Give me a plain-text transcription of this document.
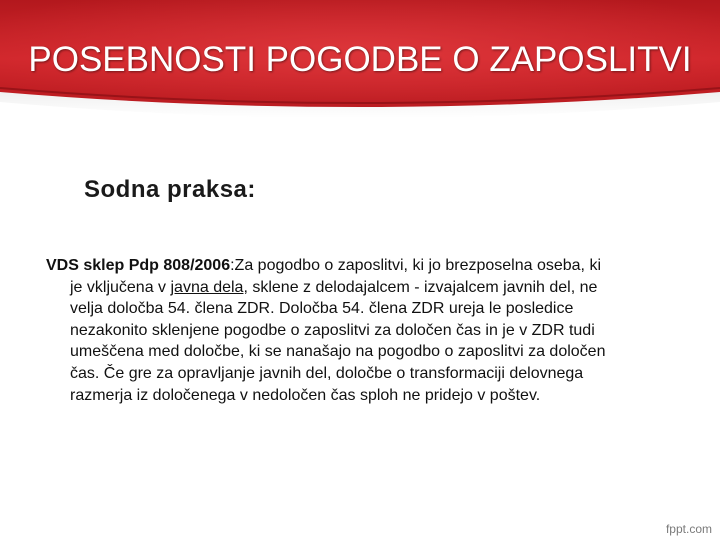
POSEBNOSTI POGODBE O ZAPOSLITVI
Sodna praksa:
VDS sklep Pdp 808/2006:Za pogodbo o zaposlitvi, ki jo brezposelna oseba, ki
je vključena v javna dela, sklene z delodajalcem - izvajalcem javnih del, ne
velja določba 54. člena ZDR. Določba 54. člena ZDR ureja le posledice
nezakonito sklenjene pogodbe o zaposlitvi za določen čas in je v ZDR tudi
umeščena med določbe, ki se nanašajo na pogodbo o zaposlitvi za določen
čas. Če gre za opravljanje javnih del, določbe o transformaciji delovnega
razmerja iz določenega v nedoločen čas sploh ne pridejo v poštev.
fppt.com
